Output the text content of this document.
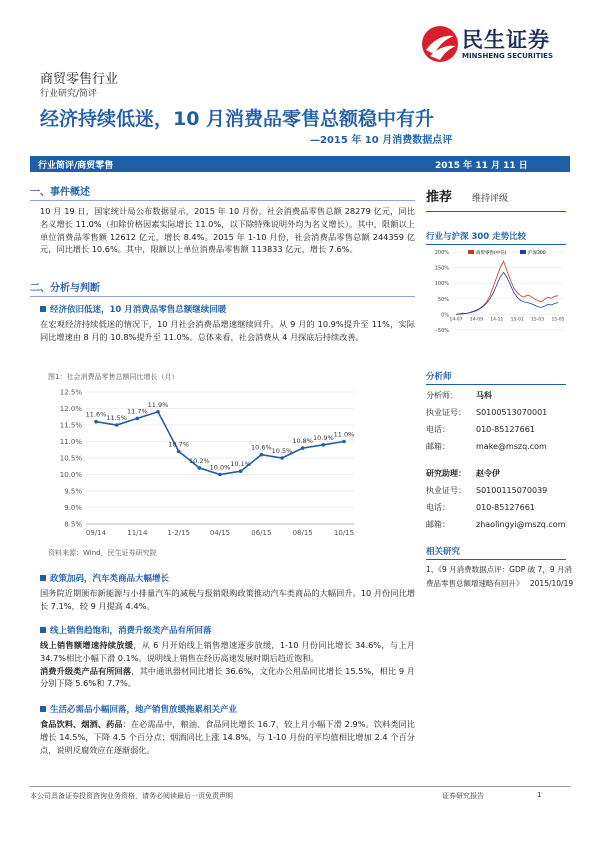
民生证券
MINSHENG SECURITIES
商贸零售行业
行业研究/简评
经济持续低迷，10 月消费品零售总额稳中有升
—2015 年 10 月消费数据点评
行业简评/商贸零售	2015 年 11 月 11 日
一、事件概述
10 月 19 日，国家统计局公布数据显示，2015 年 10 月份，社会消费品零售总额 28279 亿元，同比名义增长 11.0%（扣除价格因素实际增长 11.0%，以下除特殊说明外均为名义增长）。其中，限额以上单位消费品零售额 12612 亿元，增长 8.4%。2015 年 1-10 月份，社会消费品零售总额 244359 亿元，同比增长 10.6%。其中，限额以上单位消费品零售额 113833 亿元，增长 7.6%。
二、分析与判断
经济依旧低迷，10 月消费品零售总额继续回暖
在宏观经济持续低迷的情况下，10 月社会消费品增速继续回升。从 9 月的 10.9%提升至 11%，实际同比增速由 8 月的 10.8%提升至 11.0%。总体来看，社会消费从 4 月探底后持续改善。
图1：社会消费品零售总额同比增长（月）
12.5%
12.0%
11.5%
11.0%
10.5%
10.0%
9.5%
9.0%
8.5%
09/14	11/14	1-2/15	04/15	06/15	08/15	10/15
11.6% 11.5%
11.7%
11.9%
10.7%
10.2%
10.0% 10.1%
10.6% 10.5%
10.8% 10.9% 11.0%
资料来源：Wind，民生证券研究院
政策加码，汽车类商品大幅增长
国务院近期颁布新能源与小排量汽车的减税与报销限购政策推动汽车类商品的大幅回升。10 月份同比增长 7.1%，较 9 月提高 4.4%。
线上销售趋饱和，消费升级类产品有所回落
线上销售额增速持续放缓，从 6 月开始线上销售增速逐步放缓，1-10 月份同比增长 34.6%，与上月 34.7%相比小幅下滑 0.1%。说明线上销售在经历高速发展时期后趋近饱和。
消费升级类产品有所回落，其中通讯器材同比增长 36.6%，文化办公用品同比增长 15.5%，相比 9 月分别下降 5.6%和 7.7%。
生活必需品小幅回落，地产销售放缓拖累相关产业
食品饮料、烟酒、药品：在必需品中，粮油、食品同比增长 16.7，较上月小幅下滑 2.9%。饮料类同比增长 14.5%，下降 4.5 个百分点；烟酒同比上涨 14.8%，与 1-10 月份的平均值相比增加 2.4 个百分点，说明反腐效应在逐渐弱化。
推荐 维持评级
行业与沪深 300 走势比较
200%
150%
100%
50%
0%
-50%
14-07 14-09 14-11 15-01 15-03 15-05
商贸零售(中信)	沪深300
分析师
分析师： 马科
执业证号： S0100513070001
电话：	010-85127661
邮箱：	make@mszq.com
研究助理： 赵令伊
执业证号： S0100115070039
电话：	010-85127661
邮箱：	zhaolingyi@mszq.com
相关研究
1、《9 月消费数据点评：GDP 破 7，9 月消费品零售总额增速略有回升》 2015/10/19
本公司具备证券投资咨询业务资格，请务必阅读最后一页免责声明	证券研究报告	1
